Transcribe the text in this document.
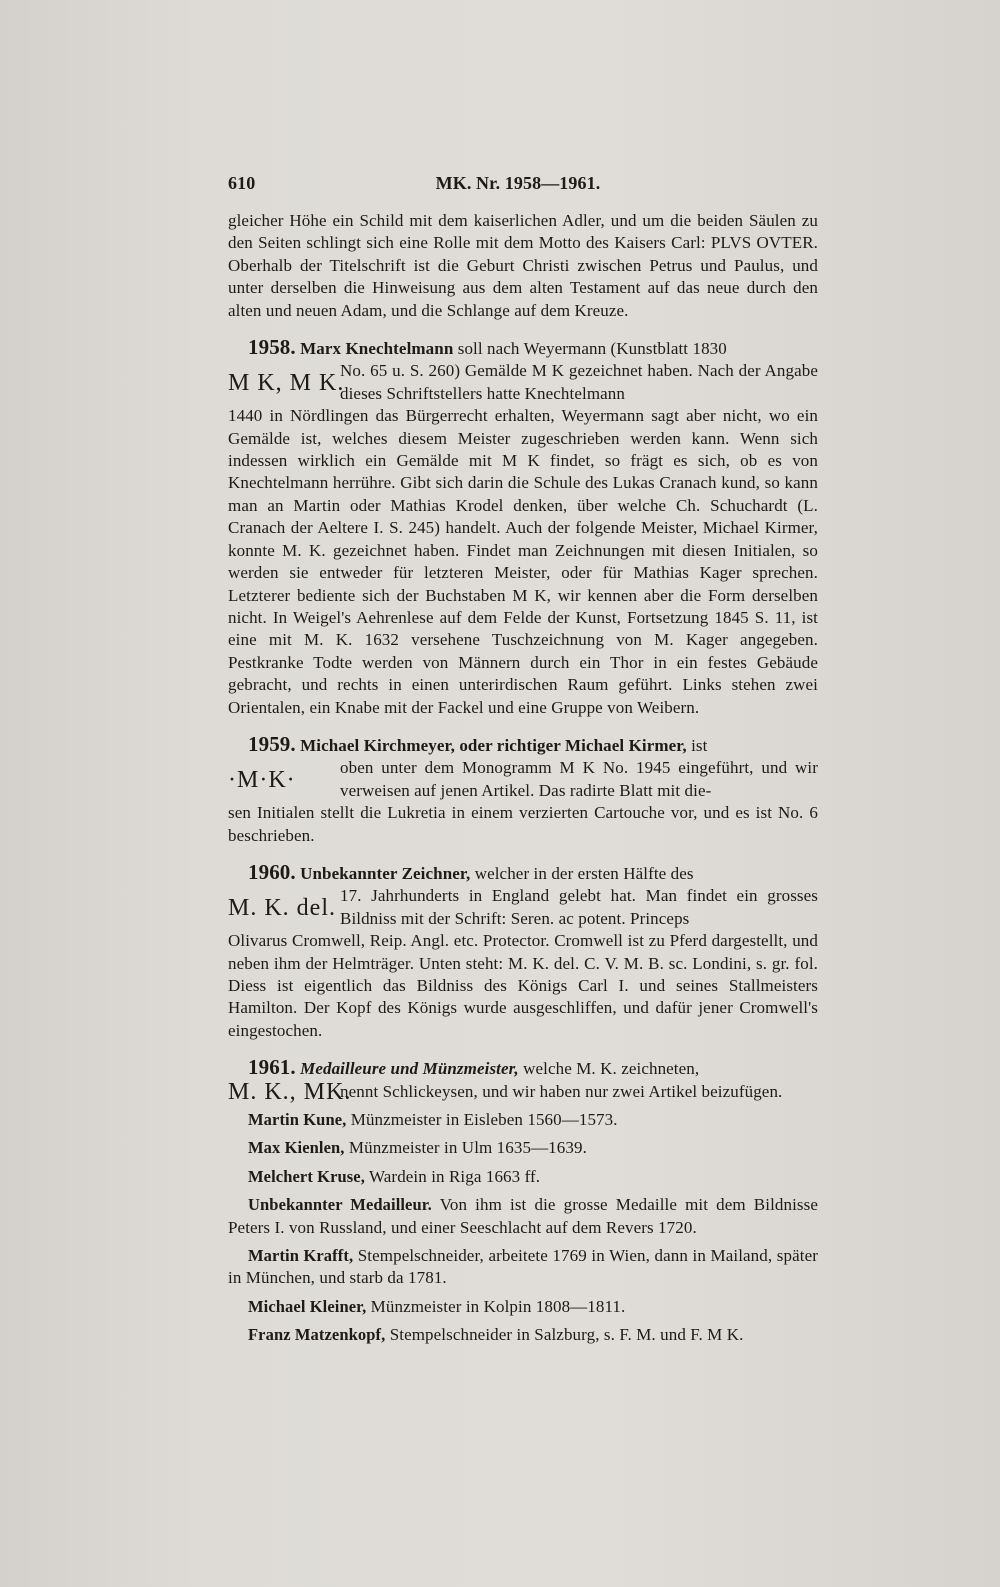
610	MK. Nr. 1958—1961.

gleicher Höhe ein Schild mit dem kaiserlichen Adler, und um die beiden Säulen zu den Seiten schlingt sich eine Rolle mit dem Motto des Kaisers Carl: PLVS OVTER. Oberhalb der Titelschrift ist die Geburt Christi zwischen Petrus und Paulus, und unter derselben die Hinweisung aus dem alten Testament auf das neue durch den alten und neuen Adam, und die Schlange auf dem Kreuze.

1958. Marx Knechtelmann soll nach Weyermann (Kunstblatt 1830

M K, M K.
No. 65 u. S. 260) Gemälde M K gezeichnet haben. Nach der Angabe dieses Schriftstellers hatte Knechtelmann

1440 in Nördlingen das Bürgerrecht erhalten, Weyermann sagt aber nicht, wo ein Gemälde ist, welches diesem Meister zugeschrieben werden kann. Wenn sich indessen wirklich ein Gemälde mit M K findet, so frägt es sich, ob es von Knechtelmann herrühre. Gibt sich darin die Schule des Lukas Cranach kund, so kann man an Martin oder Mathias Krodel denken, über welche Ch. Schuchardt (L. Cranach der Aeltere I. S. 245) handelt. Auch der folgende Meister, Michael Kirmer, konnte M. K. gezeichnet haben. Findet man Zeichnungen mit diesen Initialen, so werden sie entweder für letzteren Meister, oder für Mathias Kager sprechen. Letzterer bediente sich der Buchstaben M K, wir kennen aber die Form derselben nicht. In Weigel's Aehrenlese auf dem Felde der Kunst, Fortsetzung 1845 S. 11, ist eine mit M. K. 1632 versehene Tuschzeichnung von M. Kager angegeben. Pestkranke Todte werden von Männern durch ein Thor in ein festes Gebäude gebracht, und rechts in einen unterirdischen Raum geführt. Links stehen zwei Orientalen, ein Knabe mit der Fackel und eine Gruppe von Weibern.

1959. Michael Kirchmeyer, oder richtiger Michael Kirmer, ist

·M·K·	oben unter dem Monogramm M K No. 1945 eingeführt, und wir verweisen auf jenen Artikel. Das radirte Blatt mit die-

sen Initialen stellt die Lukretia in einem verzierten Cartouche vor, und es ist No. 6 beschrieben.

1960. Unbekannter Zeichner, welcher in der ersten Hälfte des

M. K. del. 17. Jahrhunderts in England gelebt hat. Man findet ein grosses Bildniss mit der Schrift: Seren. ac potent. Princeps

Olivarus Cromwell, Reip. Angl. etc. Protector. Cromwell ist zu Pferd dargestellt, und neben ihm der Helmträger. Unten steht: M. K. del. C. V. M. B. sc. Londini, s. gr. fol. Diess ist eigentlich das Bildniss des Königs Carl I. und seines Stallmeisters Hamilton. Der Kopf des Königs wurde ausgeschliffen, und dafür jener Cromwell's eingestochen.

1961. Medailleure und Münzmeister, welche M. K. zeichneten,

M. K., MK.
nennt Schlickeysen, und wir haben nur zwei Artikel beizufügen.

Martin Kune, Münzmeister in Eisleben 1560—1573.

Max Kienlen, Münzmeister in Ulm 1635—1639.

Melchert Kruse, Wardein in Riga 1663 ff.

Unbekannter Medailleur. Von ihm ist die grosse Medaille mit dem Bildnisse Peters I. von Russland, und einer Seeschlacht auf dem Revers 1720.

Martin Krafft, Stempelschneider, arbeitete 1769 in Wien, dann in Mailand, später in München, und starb da 1781.

Michael Kleiner, Münzmeister in Kolpin 1808—1811.

Franz Matzenkopf, Stempelschneider in Salzburg, s. F. M. und F. M K.
